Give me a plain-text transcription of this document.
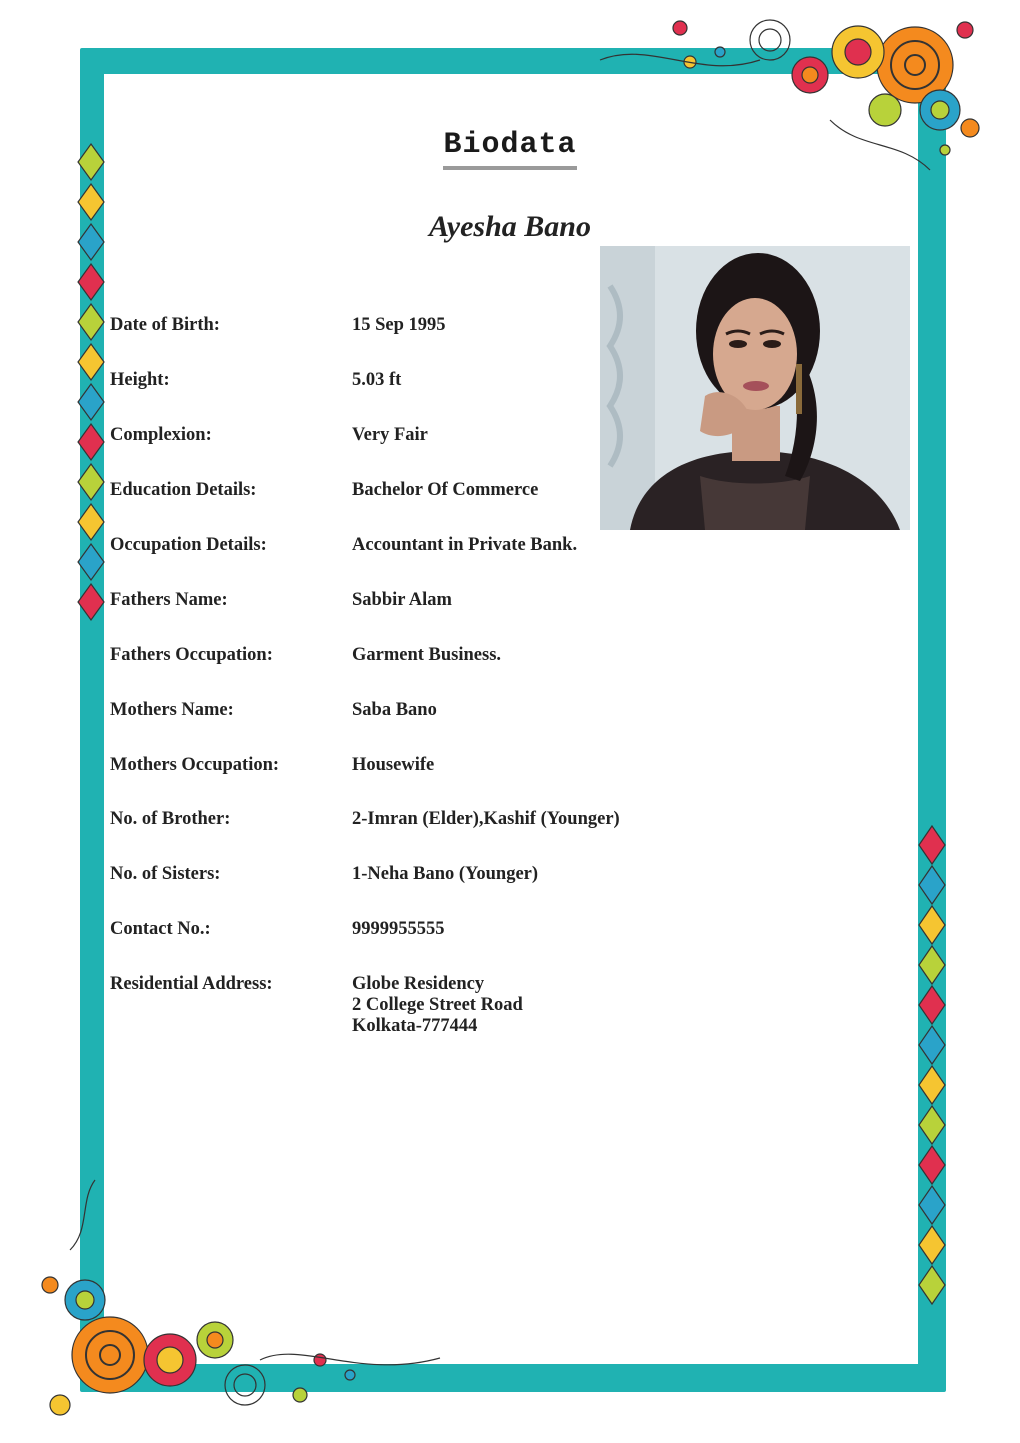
Biodata
Ayesha Bano
Date of Birth:	15 Sep 1995
Height:	5.03 ft
Complexion:	Very Fair
Education Details:	Bachelor Of Commerce
Occupation Details:	Accountant in Private Bank.
Fathers Name:	Sabbir Alam
Fathers Occupation:	Garment Business.
Mothers Name:	Saba Bano
Mothers Occupation:	Housewife
No. of Brother:	2-Imran (Elder),Kashif (Younger)
No. of Sisters:	1-Neha Bano (Younger)
Contact No.:	9999955555
Residential Address:	Globe Residency
2 College Street Road
Kolkata-777444
